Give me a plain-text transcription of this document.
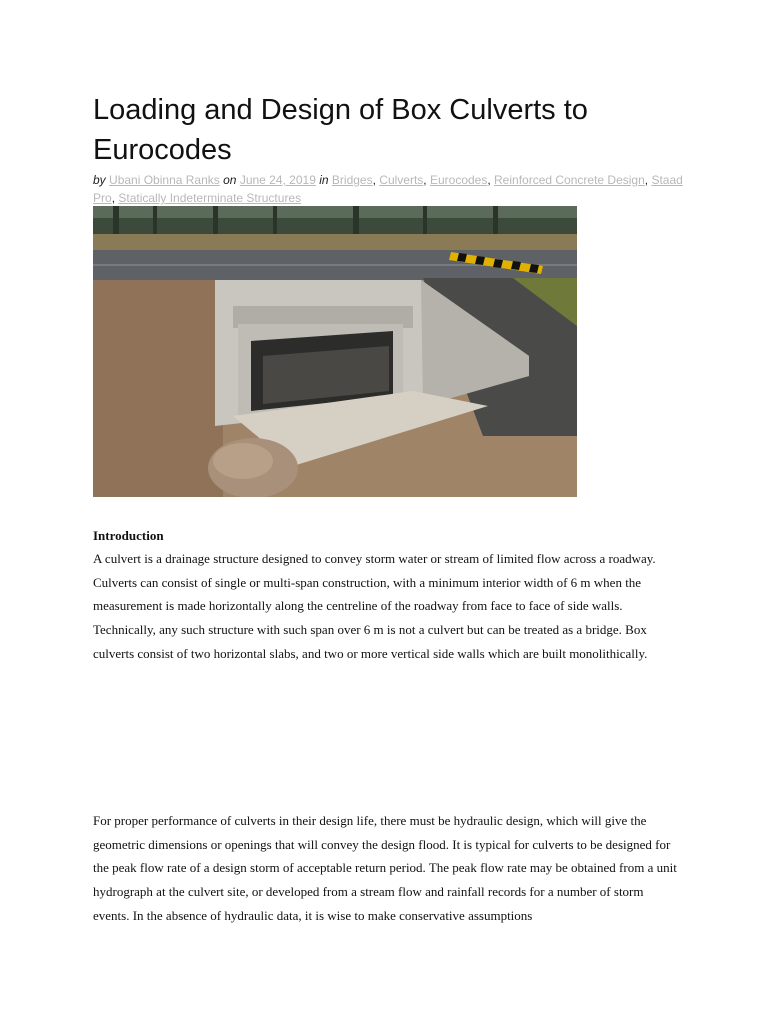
Loading and Design of Box Culverts to Eurocodes
by Ubani Obinna Ranks on June 24, 2019 in Bridges, Culverts, Eurocodes, Reinforced Concrete Design, Staad Pro, Statically Indeterminate Structures
Introduction

A culvert is a drainage structure designed to convey storm water or stream of limited flow across a roadway. Culverts can consist of single or multi-span construction, with a minimum interior width of 6 m when the measurement is made horizontally along the centreline of the roadway from face to face of side walls. Technically, any such structure with such span over 6 m is not a culvert but can be treated as a bridge. Box culverts consist of two horizontal slabs, and two or more vertical side walls which are built monolithically.

For proper performance of culverts in their design life, there must be hydraulic design, which will give the geometric dimensions or openings that will convey the design flood. It is typical for culverts to be designed for the peak flow rate of a design storm of acceptable return period. The peak flow rate may be obtained from a unit hydrograph at the culvert site, or developed from a stream flow and rainfall records for a number of storm events. In the absence of hydraulic data, it is wise to make conservative assumptions
